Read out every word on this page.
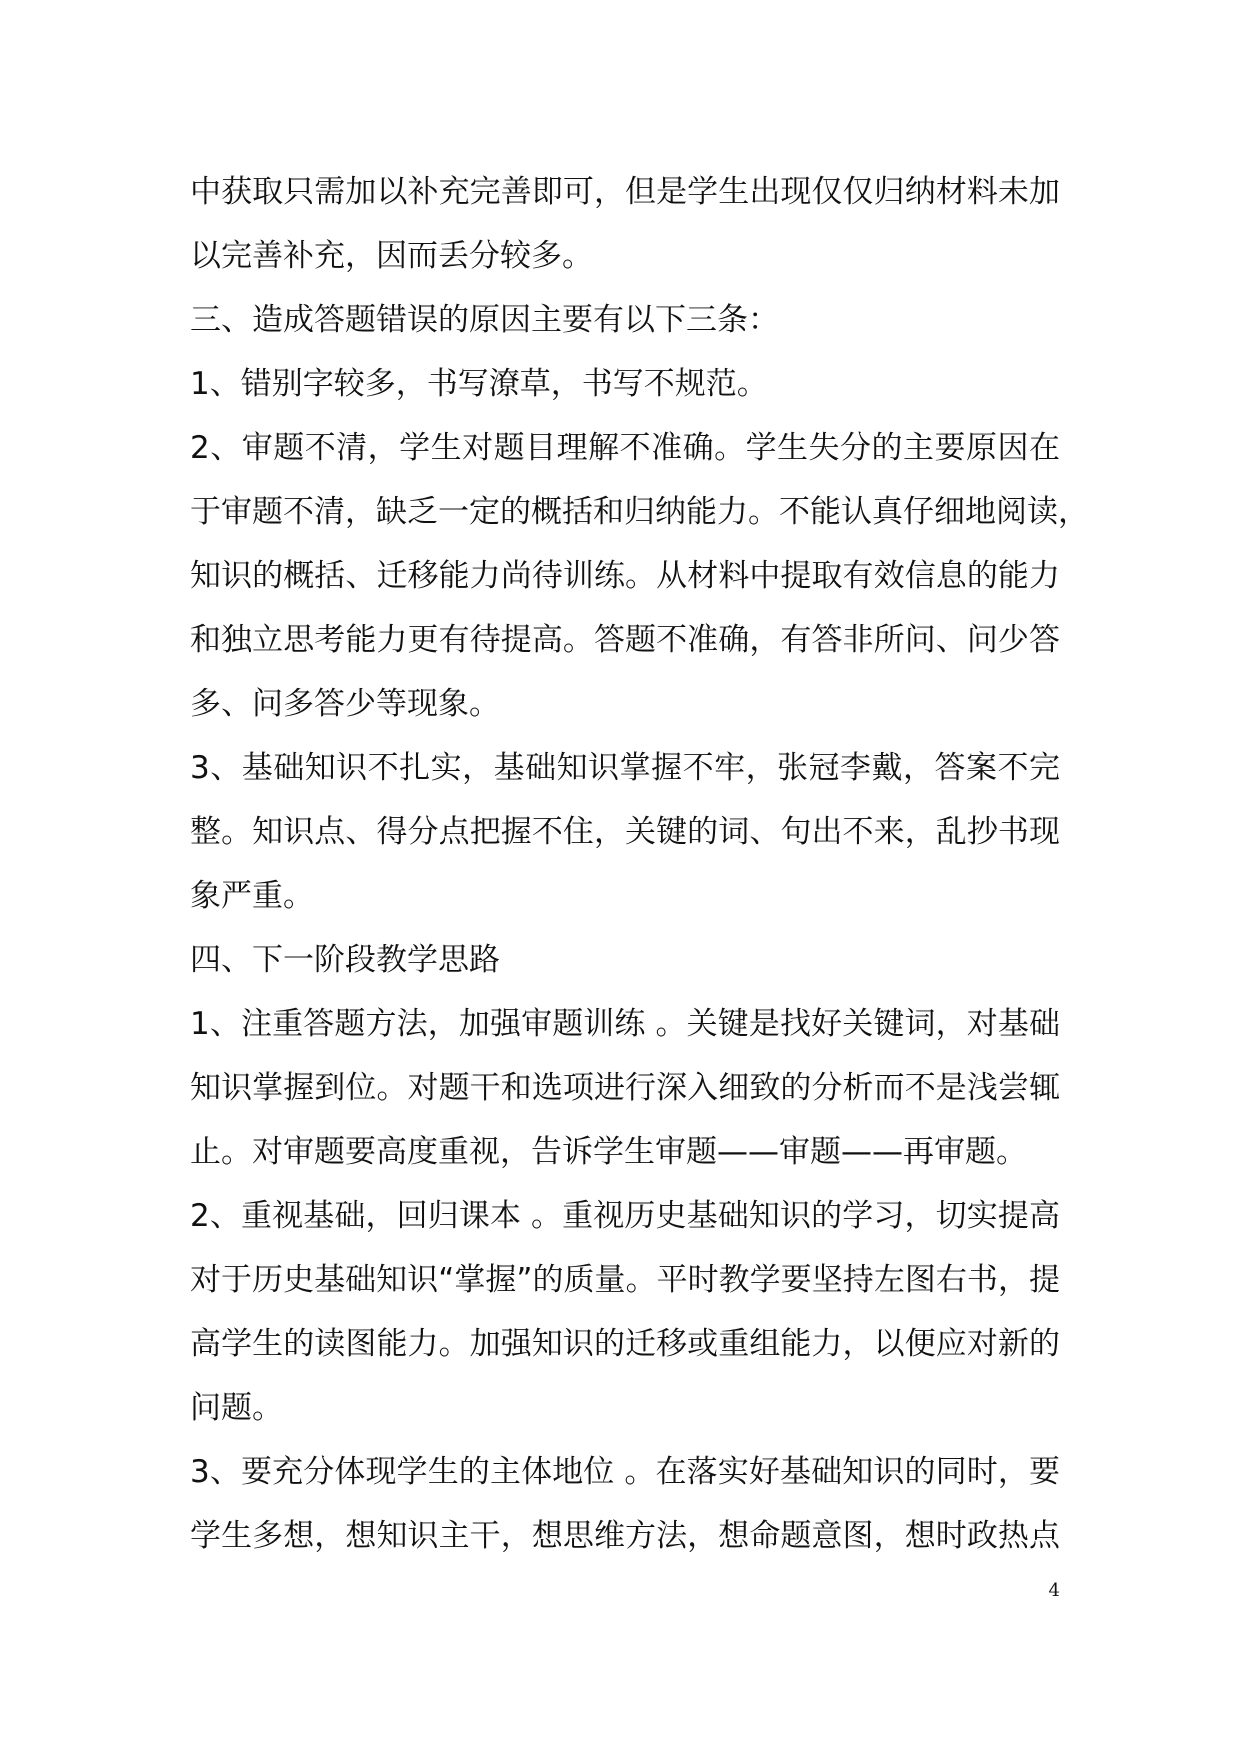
中获取只需加以补充完善即可，但是学生出现仅仅归纳材料未加
以完善补充，因而丢分较多。
三、造成答题错误的原因主要有以下三条：
1、错别字较多，书写潦草，书写不规范。
2、审题不清，学生对题目理解不准确。学生失分的主要原因在
于审题不清，缺乏一定的概括和归纳能力。不能认真仔细地阅读，
知识的概括、迁移能力尚待训练。从材料中提取有效信息的能力
和独立思考能力更有待提高。答题不准确，有答非所问、问少答
多、问多答少等现象。
3、基础知识不扎实，基础知识掌握不牢，张冠李戴，答案不完
整。知识点、得分点把握不住，关键的词、句出不来，乱抄书现
象严重。
四、下一阶段教学思路
1、注重答题方法，加强审题训练 。关键是找好关键词，对基础
知识掌握到位。对题干和选项进行深入细致的分析而不是浅尝辄
止。对审题要高度重视，告诉学生审题——审题——再审题。
2、重视基础，回归课本 。重视历史基础知识的学习，切实提高
对于历史基础知识“掌握”的质量。平时教学要坚持左图右书，提
高学生的读图能力。加强知识的迁移或重组能力，以便应对新的
问题。
3、要充分体现学生的主体地位 。在落实好基础知识的同时，要
学生多想，想知识主干，想思维方法，想命题意图，想时政热点
4
